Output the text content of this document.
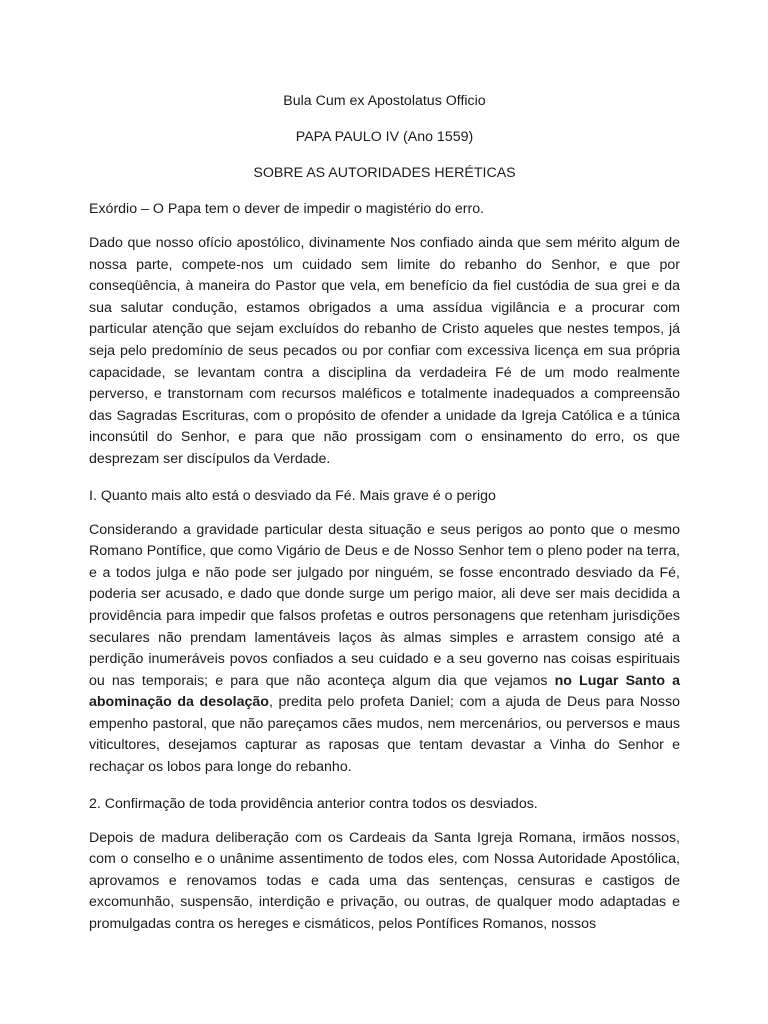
Bula Cum ex Apostolatus Officio

PAPA PAULO IV (Ano 1559)

SOBRE AS AUTORIDADES HERÉTICAS

Exórdio – O Papa tem o dever de impedir o magistério do erro.

Dado que nosso ofício apostólico, divinamente Nos confiado ainda que sem mérito algum de nossa parte, compete-nos um cuidado sem limite do rebanho do Senhor, e que por conseqüência, à maneira do Pastor que vela, em benefício da fiel custódia de sua grei e da sua salutar condução, estamos obrigados a uma assídua vigilância e a procurar com particular atenção que sejam excluídos do rebanho de Cristo aqueles que nestes tempos, já seja pelo predomínio de seus pecados ou por confiar com excessiva licença em sua própria capacidade, se levantam contra a disciplina da verdadeira Fé de um modo realmente perverso, e transtornam com recursos maléficos e totalmente inadequados a compreensão das Sagradas Escrituras, com o propósito de ofender a unidade da Igreja Católica e a túnica inconsútil do Senhor, e para que não prossigam com o ensinamento do erro, os que desprezam ser discípulos da Verdade.

I. Quanto mais alto está o desviado da Fé. Mais grave é o perigo

Considerando a gravidade particular desta situação e seus perigos ao ponto que o mesmo Romano Pontífice, que como Vigário de Deus e de Nosso Senhor tem o pleno poder na terra, e a todos julga e não pode ser julgado por ninguém, se fosse encontrado desviado da Fé, poderia ser acusado, e dado que donde surge um perigo maior, ali deve ser mais decidida a providência para impedir que falsos profetas e outros personagens que retenham jurisdições seculares não prendam lamentáveis laços às almas simples e arrastem consigo até a perdição inumeráveis povos confiados a seu cuidado e a seu governo nas coisas espirituais ou nas temporais; e para que não aconteça algum dia que vejamos no Lugar Santo a abominação da desolação, predita pelo profeta Daniel; com a ajuda de Deus para Nosso empenho pastoral, que não pareçamos cães mudos, nem mercenários, ou perversos e maus viticultores, desejamos capturar as raposas que tentam devastar a Vinha do Senhor e rechaçar os lobos para longe do rebanho.

2. Confirmação de toda providência anterior contra todos os desviados.

Depois de madura deliberação com os Cardeais da Santa Igreja Romana, irmãos nossos, com o conselho e o unânime assentimento de todos eles, com Nossa Autoridade Apostólica, aprovamos e renovamos todas e cada uma das sentenças, censuras e castigos de excomunhão, suspensão, interdição e privação, ou outras, de qualquer modo adaptadas e promulgadas contra os hereges e cismáticos, pelos Pontífices Romanos, nossos
